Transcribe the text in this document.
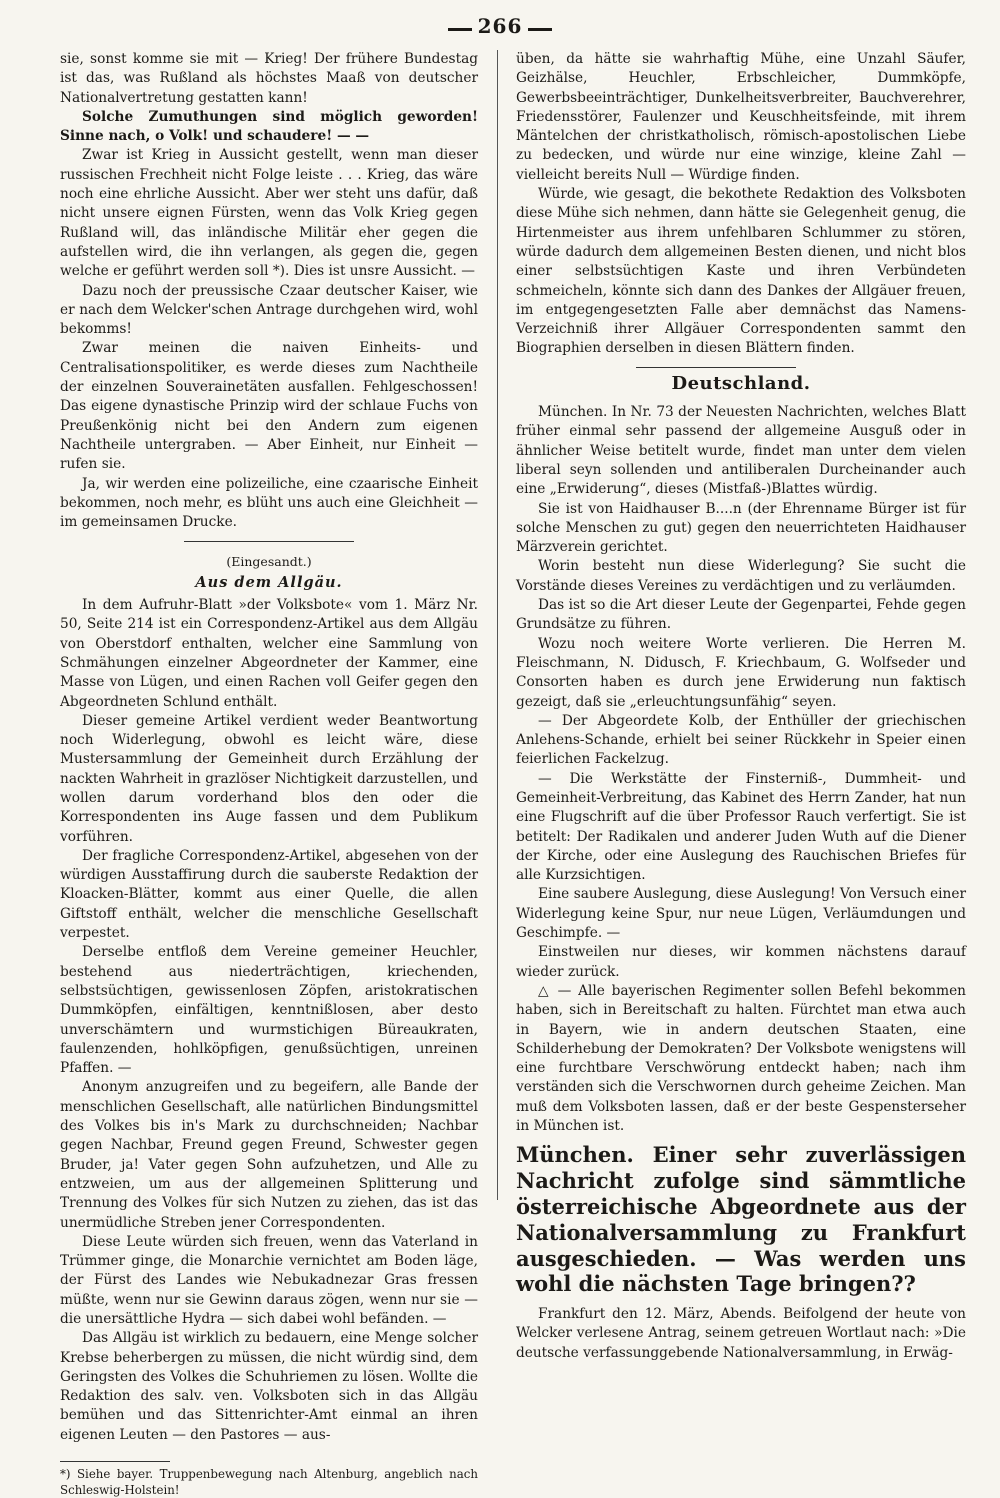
266

sie, sonst komme sie mit — Krieg! Der frühere Bundestag ist das, was Rußland als höchstes Maaß von deutscher Nationalvertretung gestatten kann!

Solche Zumuthungen sind möglich geworden! Sinne nach, o Volk! und schaudere! — —

Zwar ist Krieg in Aussicht gestellt, wenn man dieser russischen Frechheit nicht Folge leiste . . . Krieg, das wäre noch eine ehrliche Aussicht. Aber wer steht uns dafür, daß nicht unsere eignen Fürsten, wenn das Volk Krieg gegen Rußland will, das inländische Militär eher gegen die aufstellen wird, die ihn verlangen, als gegen die, gegen welche er geführt werden soll *). Dies ist unsre Aussicht. —

Dazu noch der preussische Czaar deutscher Kaiser, wie er nach dem Welcker'schen Antrage durchgehen wird, wohl bekomms!

Zwar meinen die naiven Einheits- und Centralisationspolitiker, es werde dieses zum Nachtheile der einzelnen Souverainetäten ausfallen. Fehlgeschossen! Das eigene dynastische Prinzip wird der schlaue Fuchs von Preußenkönig nicht bei den Andern zum eigenen Nachtheile untergraben. — Aber Einheit, nur Einheit — rufen sie.

Ja, wir werden eine polizeiliche, eine czaarische Einheit bekommen, noch mehr, es blüht uns auch eine Gleichheit — im gemeinsamen Drucke.

(Eingesandt.)
Aus dem Allgäu.

In dem Aufruhr-Blatt »der Volksbote« vom 1. März Nr. 50, Seite 214 ist ein Correspondenz-Artikel aus dem Allgäu von Oberstdorf enthalten, welcher eine Sammlung von Schmähungen einzelner Abgeordneter der Kammer, eine Masse von Lügen, und einen Rachen voll Geifer gegen den Abgeordneten Schlund enthält.

Dieser gemeine Artikel verdient weder Beantwortung noch Widerlegung, obwohl es leicht wäre, diese Mustersammlung der Gemeinheit durch Erzählung der nackten Wahrheit in grazlöser Nichtigkeit darzustellen, und wollen darum vorderhand blos den oder die Korrespondenten ins Auge fassen und dem Publikum vorführen.

Der fragliche Correspondenz-Artikel, abgesehen von der würdigen Ausstaffirung durch die sauberste Redaktion der Kloacken-Blätter, kommt aus einer Quelle, die allen Giftstoff enthält, welcher die menschliche Gesellschaft verpestet.

Derselbe entfloß dem Vereine gemeiner Heuchler, bestehend aus niederträchtigen, kriechenden, selbstsüchtigen, gewissenlosen Zöpfen, aristokratischen Dummköpfen, einfältigen, kenntnißlosen, aber desto unverschämtern und wurmstichigen Büreaukraten, faulenzenden, hohlköpfigen, genußsüchtigen, unreinen Pfaffen. —

Anonym anzugreifen und zu begeifern, alle Bande der menschlichen Gesellschaft, alle natürlichen Bindungsmittel des Volkes bis in's Mark zu durchschneiden; Nachbar gegen Nachbar, Freund gegen Freund, Schwester gegen Bruder, ja! Vater gegen Sohn aufzuhetzen, und Alle zu entzweien, um aus der allgemeinen Splitterung und Trennung des Volkes für sich Nutzen zu ziehen, das ist das unermüdliche Streben jener Correspondenten.

Diese Leute würden sich freuen, wenn das Vaterland in Trümmer ginge, die Monarchie vernichtet am Boden läge, der Fürst des Landes wie Nebukadnezar Gras fressen müßte, wenn nur sie Gewinn daraus zögen, wenn nur sie — die unersättliche Hydra — sich dabei wohl befänden. —

Das Allgäu ist wirklich zu bedauern, eine Menge solcher Krebse beherbergen zu müssen, die nicht würdig sind, dem Geringsten des Volkes die Schuhriemen zu lösen. Wollte die Redaktion des salv. ven. Volksboten sich in das Allgäu bemühen und das Sittenrichter-Amt einmal an ihren eigenen Leuten — den Pastores — aus-

*) Siehe bayer. Truppenbewegung nach Altenburg, angeblich nach Schleswig-Holstein!

üben, da hätte sie wahrhaftig Mühe, eine Unzahl Säufer, Geizhälse, Heuchler, Erbschleicher, Dummköpfe, Gewerbsbeeinträchtiger, Dunkelheitsverbreiter, Bauchverehrer, Friedensstörer, Faulenzer und Keuschheitsfeinde, mit ihrem Mäntelchen der christkatholisch, römisch-apostolischen Liebe zu bedecken, und würde nur eine winzige, kleine Zahl — vielleicht bereits Null — Würdige finden.

Würde, wie gesagt, die bekothete Redaktion des Volksboten diese Mühe sich nehmen, dann hätte sie Gelegenheit genug, die Hirtenmeister aus ihrem unfehlbaren Schlummer zu stören, würde dadurch dem allgemeinen Besten dienen, und nicht blos einer selbstsüchtigen Kaste und ihren Verbündeten schmeicheln, könnte sich dann des Dankes der Allgäuer freuen, im entgegengesetzten Falle aber demnächst das Namens-Verzeichniß ihrer Allgäuer Correspondenten sammt den Biographien derselben in diesen Blättern finden.

Deutschland.

München. In Nr. 73 der Neuesten Nachrichten, welches Blatt früher einmal sehr passend der allgemeine Ausguß oder in ähnlicher Weise betitelt wurde, findet man unter dem vielen liberal seyn sollenden und antiliberalen Durcheinander auch eine „Erwiderung“, dieses (Mistfaß-)Blattes würdig.

Sie ist von Haidhauser B....n (der Ehrenname Bürger ist für solche Menschen zu gut) gegen den neuerrichteten Haidhauser Märzverein gerichtet.

Worin besteht nun diese Widerlegung? Sie sucht die Vorstände dieses Vereines zu verdächtigen und zu verläumden.

Das ist so die Art dieser Leute der Gegenpartei, Fehde gegen Grundsätze zu führen.

Wozu noch weitere Worte verlieren. Die Herren M. Fleischmann, N. Didusch, F. Kriechbaum, G. Wolfseder und Consorten haben es durch jene Erwiderung nun faktisch gezeigt, daß sie „erleuchtungsunfähig“ seyen.

— Der Abgeordete Kolb, der Enthüller der griechischen Anlehens-Schande, erhielt bei seiner Rückkehr in Speier einen feierlichen Fackelzug.

— Die Werkstätte der Finsterniß-, Dummheit- und Gemeinheit-Verbreitung, das Kabinet des Herrn Zander, hat nun eine Flugschrift auf die über Professor Rauch verfertigt. Sie ist betitelt: Der Radikalen und anderer Juden Wuth auf die Diener der Kirche, oder eine Auslegung des Rauchischen Briefes für alle Kurzsichtigen.

Eine saubere Auslegung, diese Auslegung! Von Versuch einer Widerlegung keine Spur, nur neue Lügen, Verläumdungen und Geschimpfe. —

Einstweilen nur dieses, wir kommen nächstens darauf wieder zurück.

△ — Alle bayerischen Regimenter sollen Befehl bekommen haben, sich in Bereitschaft zu halten. Fürchtet man etwa auch in Bayern, wie in andern deutschen Staaten, eine Schilderhebung der Demokraten? Der Volksbote wenigstens will eine furchtbare Verschwörung entdeckt haben; nach ihm verständen sich die Verschwornen durch geheime Zeichen. Man muß dem Volksboten lassen, daß er der beste Gespensterseher in München ist.

München. Einer sehr zuverlässigen Nachricht zufolge sind sämmtliche österreichische Abgeordnete aus der Nationalversammlung zu Frankfurt ausgeschieden. — Was werden uns wohl die nächsten Tage bringen??

Frankfurt den 12. März, Abends. Beifolgend der heute von Welcker verlesene Antrag, seinem getreuen Wortlaut nach: »Die deutsche verfassunggebende Nationalversammlung, in Erwäg-
